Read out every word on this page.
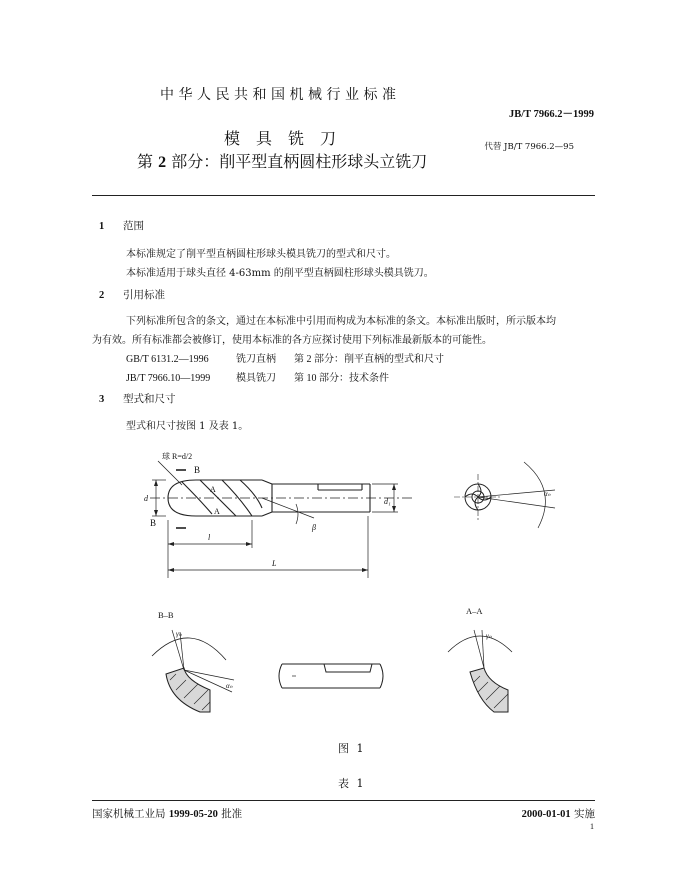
中华人民共和国机械行业标准
JB/T 7966.2－1999
代替 JB/T 7966.2—95
模具铣刀
第 2 部分：削平型直柄圆柱形球头立铣刀
1 范围
本标准规定了削平型直柄圆柱形球头模具铣刀的型式和尺寸。
本标准适用于球头直径 4-63mm 的削平型直柄圆柱形球头模具铣刀。
2 引用标准
下列标准所包含的条文，通过在本标准中引用而构成为本标准的条文。本标准出版时，所示版本均
为有效。所有标准都会被修订，使用本标准的各方应探讨使用下列标准最新版本的可能性。
GB/T 6131.2—1996	铣刀直柄 第 2 部分：削平直柄的型式和尺寸
JB/T 7966.10—1999	模具铣刀 第 10 部分：技术条件
3 型式和尺寸
型式和尺寸按图 1 及表 1。
球 R=d/2
B
B
A
A
d	d₁
l
L
β
αₙ
B–B
γₙ
αₙ
A–A
γₙ
图 1
表 1
国家机械工业局 1999-05-20 批准	2000-01-01 实施
1
